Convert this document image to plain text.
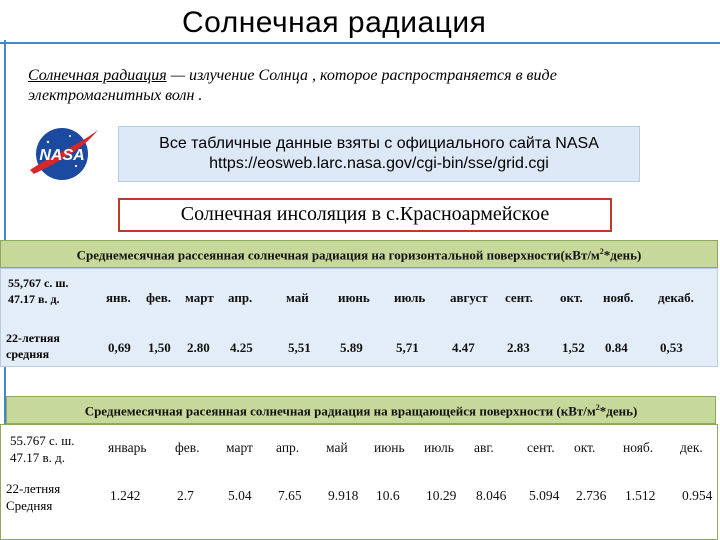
Солнечная радиация
Солнечная радиация — излучение Солнца , которое распространяется в виде электромагнитных волн .
NASA
Все табличные данные взяты с официального сайта NASA
https://eosweb.larc.nasa.gov/cgi-bin/sse/grid.cgi
Солнечная инсоляция в с.Красноармейское
Среднемесячная рассеянная солнечная радиация на горизонтальной $поверхности(кВт/м^2*день)$
55,767 с. ш.
47.17 в. д.
22-летняя
средняя
янв.
0,69
фев.
1,50
март
2.80
апр.
4.25
май
5,51
июнь
5.89
июль
5,71
август
4.47
сент.
2.83
окт.
1,52
нояб.
0.84
декаб.
0,53
Среднемесячная расеянная солнечная радиация на вращающейся поверхности $(кВт/м^2*день)$
55.767 с. ш.
47.17 в. д.
22-летняя
Средняя
январь
1.242
фев.
2.7
март
5.04
апр.
7.65
май
9.918
июнь
10.6
июль
10.29
авг.
8.046
сент.
5.094
окт.
2.736
нояб.
1.512
дек.
0.954
